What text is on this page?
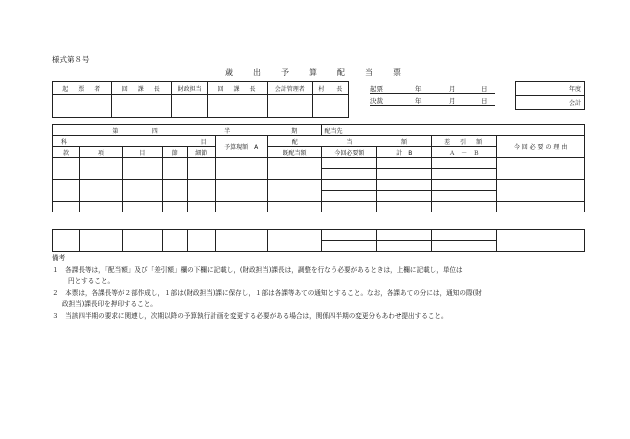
様式第８号
歳　出　予　算　配　当　票
起　票　者	回　課　長	財政担当	回　課　長	会計管理者	村　　長
						起票	年	月	日
決裁	年	月	日
年度
会計
第		四		半		期	配当先			
科		目			予算現額　A	配	当	額	差　引　額	今 回 必 要 の 理 由
款	項	目	節	細節		既配当額	今回必要額	計　B	Ａ　－　Ｂ	

備考
１　各課長等は，「配当額」及び「差引額」欄の下欄に記載し，(財政担当)課長は，調整を行なう必要があるときは，上欄に記載し，単位は
円とすること。
２　本票は，各課長等が２部作成し，１部は(財政担当)課に保存し，１部は各課等あての通知とすること。なお，各課あての分には，通知の際(財
政担当)課長印を押印すること。
３　当該四半期の要求に関連し，次期以降の予算執行計画を変更する必要がある場合は，関係四半期の変更分もあわせ提出すること。
